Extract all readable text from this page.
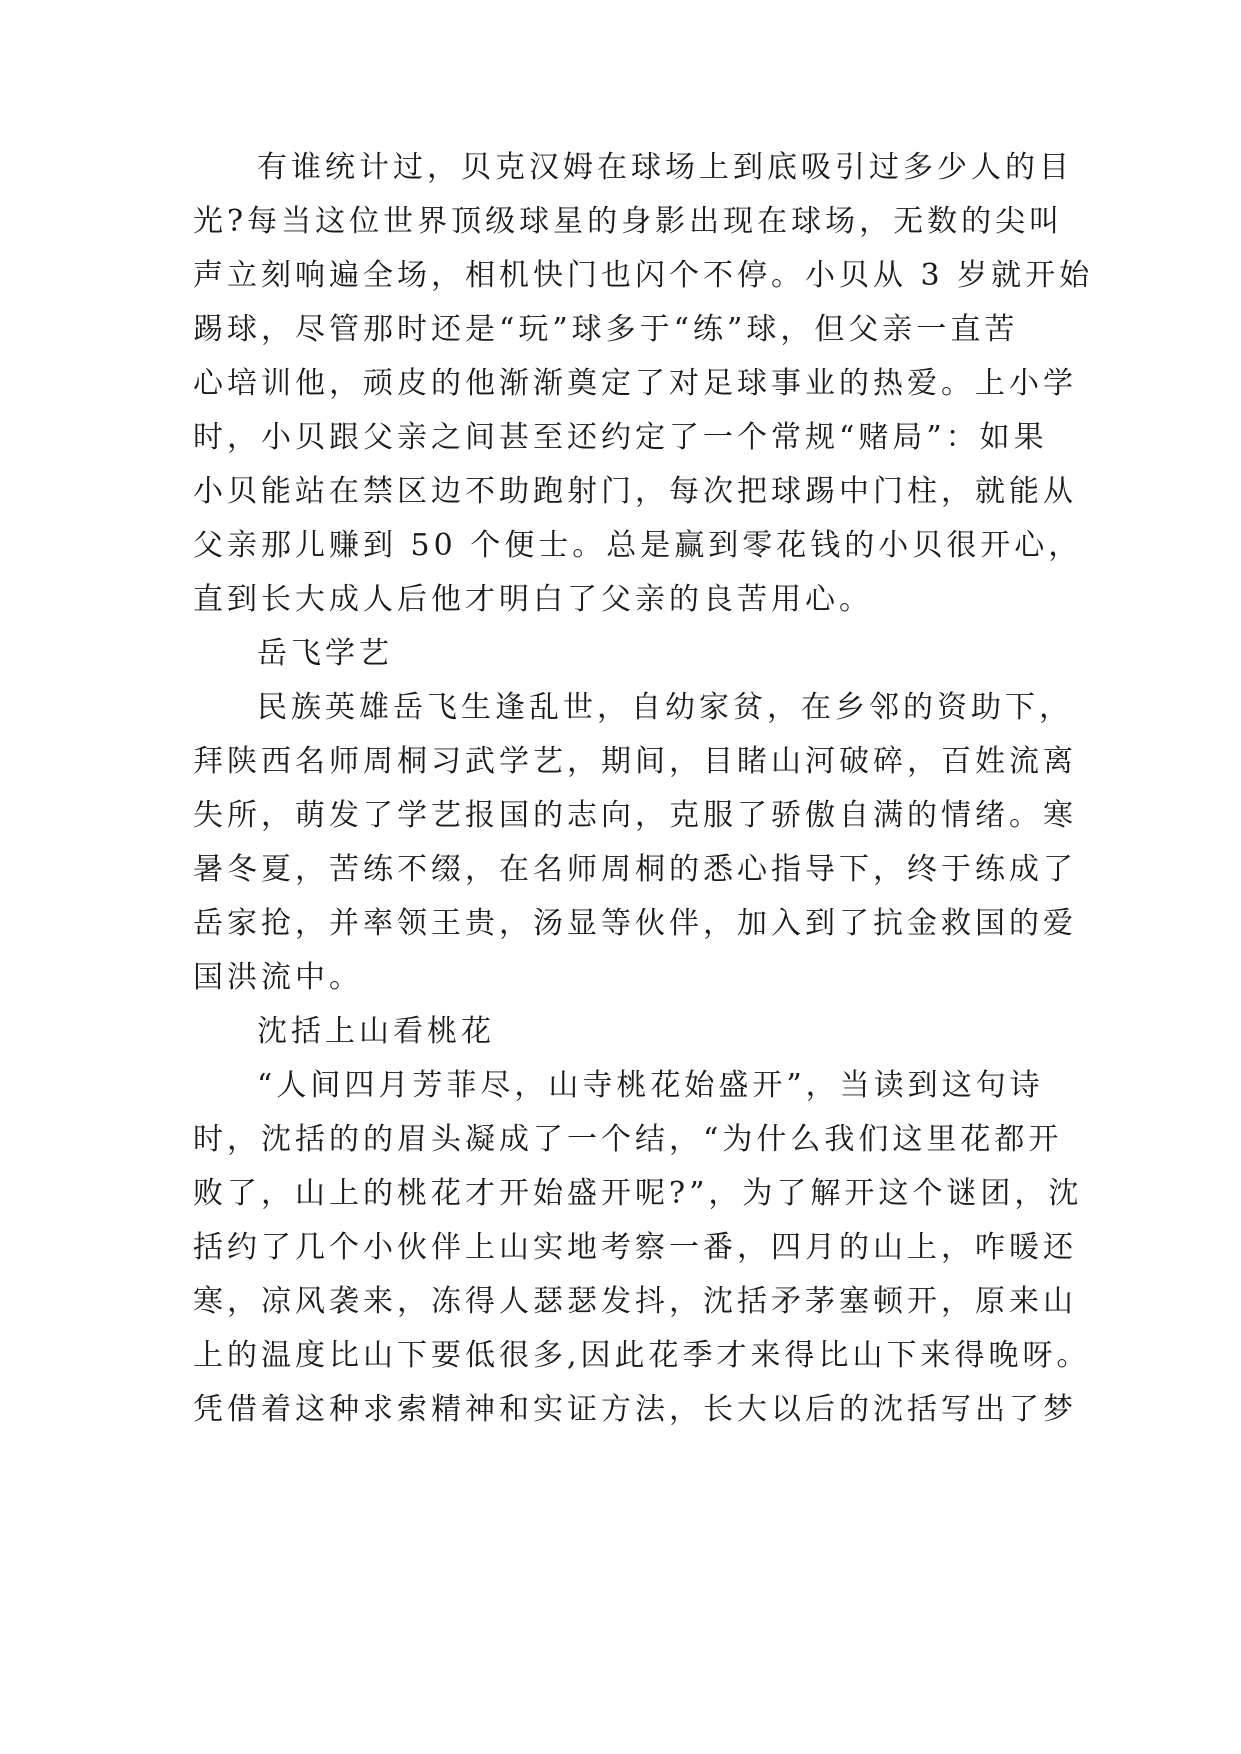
有谁统计过，贝克汉姆在球场上到底吸引过多少人的目
光?每当这位世界顶级球星的身影出现在球场，无数的尖叫
声立刻响遍全场，相机快门也闪个不停。小贝从 3 岁就开始
踢球，尽管那时还是“玩”球多于“练”球，但父亲一直苦
心培训他，顽皮的他渐渐奠定了对足球事业的热爱。上小学
时，小贝跟父亲之间甚至还约定了一个常规“赌局”：如果
小贝能站在禁区边不助跑射门，每次把球踢中门柱，就能从
父亲那儿赚到 50 个便士。总是赢到零花钱的小贝很开心，
直到长大成人后他才明白了父亲的良苦用心。
岳飞学艺
民族英雄岳飞生逢乱世，自幼家贫，在乡邻的资助下，
拜陕西名师周桐习武学艺，期间，目睹山河破碎，百姓流离
失所，萌发了学艺报国的志向，克服了骄傲自满的情绪。寒
暑冬夏，苦练不缀，在名师周桐的悉心指导下，终于练成了
岳家抢，并率领王贵，汤显等伙伴，加入到了抗金救国的爱
国洪流中。
沈括上山看桃花
“人间四月芳菲尽，山寺桃花始盛开”，当读到这句诗
时，沈括的的眉头凝成了一个结，“为什么我们这里花都开
败了，山上的桃花才开始盛开呢?”，为了解开这个谜团，沈
括约了几个小伙伴上山实地考察一番，四月的山上，咋暖还
寒，凉风袭来，冻得人瑟瑟发抖，沈括矛茅塞顿开，原来山
上的温度比山下要低很多,因此花季才来得比山下来得晚呀。
凭借着这种求索精神和实证方法，长大以后的沈括写出了梦
